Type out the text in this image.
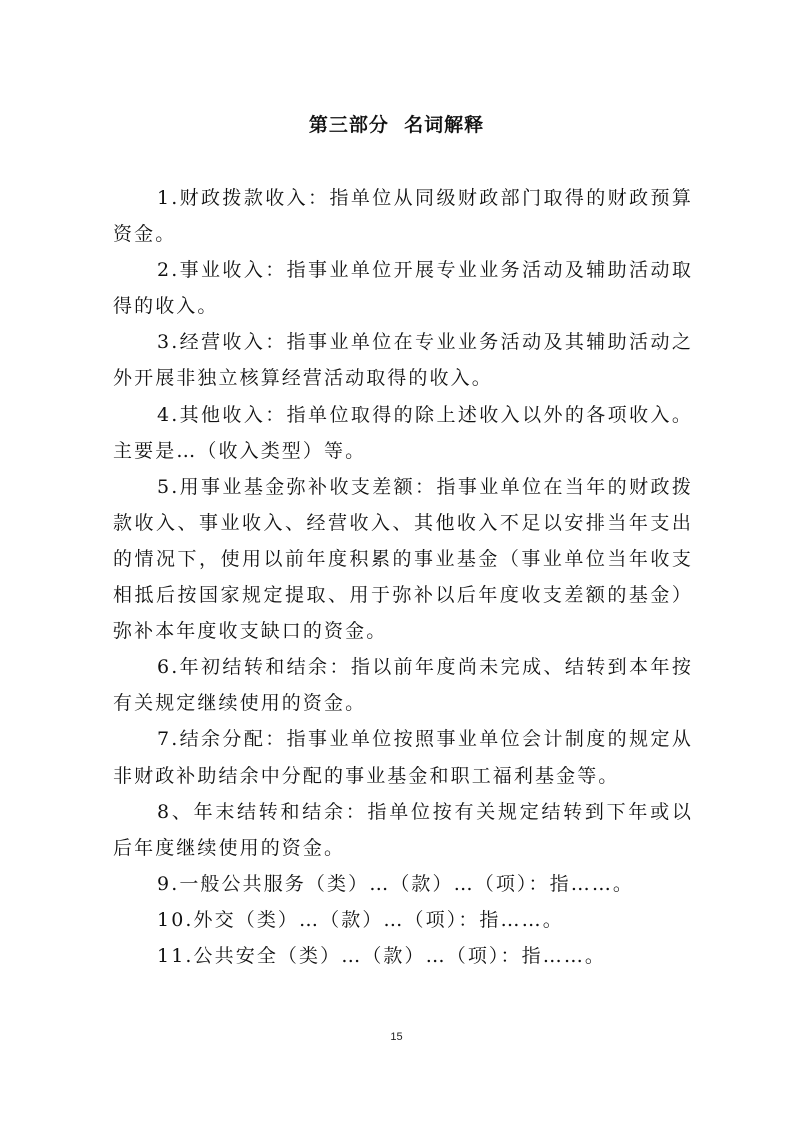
第三部分  名词解释

1.财政拨款收入：指单位从同级财政部门取得的财政预算资金。

2.事业收入：指事业单位开展专业业务活动及辅助活动取得的收入。

3.经营收入：指事业单位在专业业务活动及其辅助活动之外开展非独立核算经营活动取得的收入。

4.其他收入：指单位取得的除上述收入以外的各项收入。主要是…（收入类型）等。

5.用事业基金弥补收支差额：指事业单位在当年的财政拨款收入、事业收入、经营收入、其他收入不足以安排当年支出的情况下，使用以前年度积累的事业基金（事业单位当年收支相抵后按国家规定提取、用于弥补以后年度收支差额的基金）弥补本年度收支缺口的资金。

6.年初结转和结余：指以前年度尚未完成、结转到本年按有关规定继续使用的资金。

7.结余分配：指事业单位按照事业单位会计制度的规定从非财政补助结余中分配的事业基金和职工福利基金等。

8、年末结转和结余：指单位按有关规定结转到下年或以后年度继续使用的资金。

9.一般公共服务（类）…（款）…（项）：指……。

10.外交（类）…（款）…（项）：指……。

11.公共安全（类）…（款）…（项）：指……。

15
